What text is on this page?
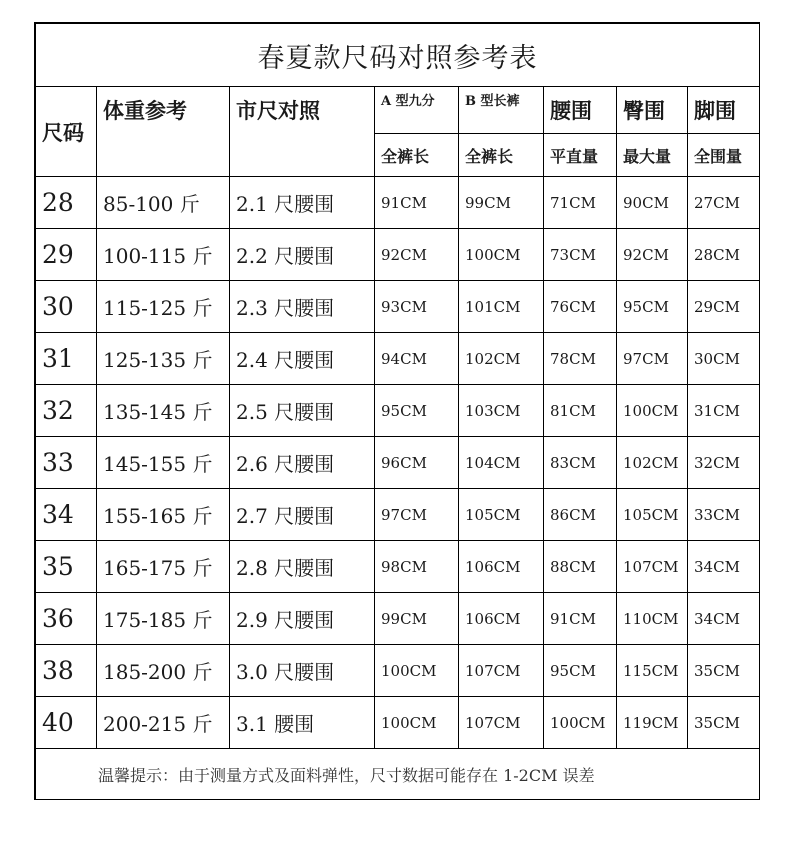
春夏款尺码对照参考表							
尺码	体重参考	市尺对照	A 型九分	B 型长裤	腰围	臀围	脚围
			全裤长	全裤长	平直量	最大量	全围量
28	85-100 斤	2.1 尺腰围	91CM	99CM	71CM	90CM	27CM
29	100-115 斤	2.2 尺腰围	92CM	100CM	73CM	92CM	28CM
30	115-125 斤	2.3 尺腰围	93CM	101CM	76CM	95CM	29CM
31	125-135 斤	2.4 尺腰围	94CM	102CM	78CM	97CM	30CM
32	135-145 斤	2.5 尺腰围	95CM	103CM	81CM	100CM	31CM
33	145-155 斤	2.6 尺腰围	96CM	104CM	83CM	102CM	32CM
34	155-165 斤	2.7 尺腰围	97CM	105CM	86CM	105CM	33CM
35	165-175 斤	2.8 尺腰围	98CM	106CM	88CM	107CM	34CM
36	175-185 斤	2.9 尺腰围	99CM	106CM	91CM	110CM	34CM
38	185-200 斤	3.0 尺腰围	100CM	107CM	95CM	115CM	35CM
40	200-215 斤	3.1 腰围	100CM	107CM	100CM	119CM	35CM
温馨提示：由于测量方式及面料弹性，尺寸数据可能存在 1-2CM 误差							
